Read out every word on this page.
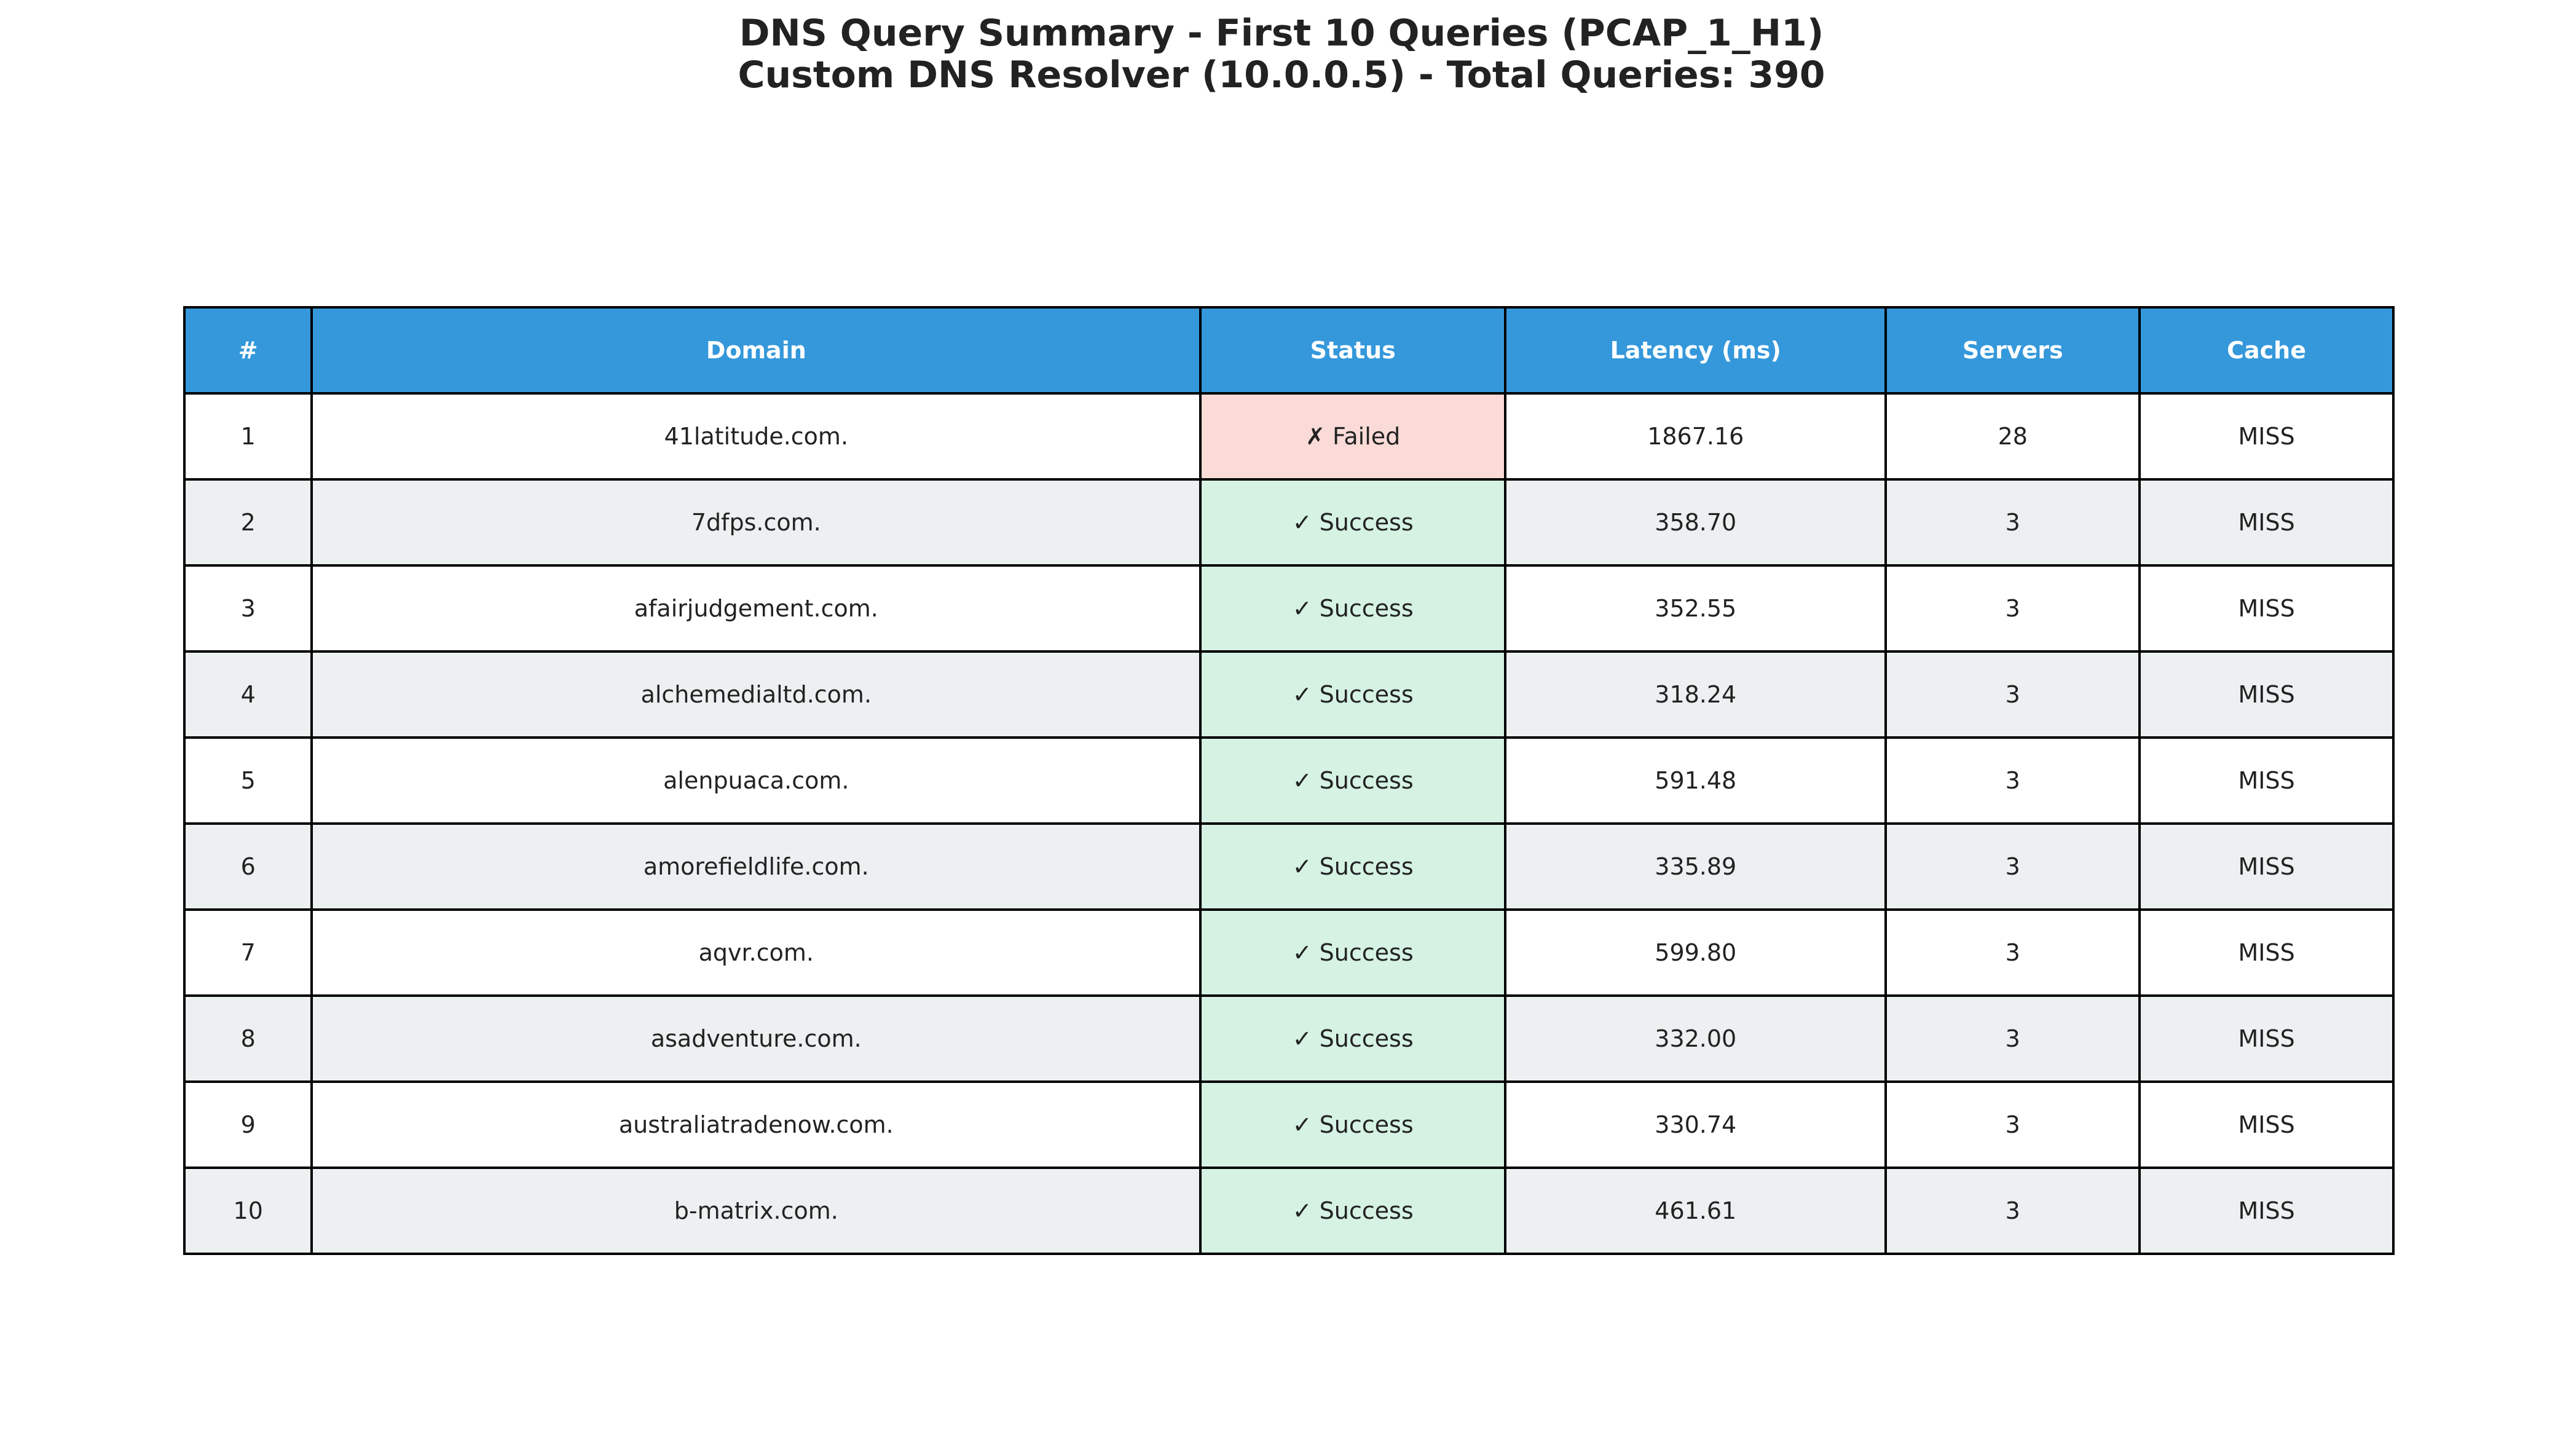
DNS Query Summary - First 10 Queries (PCAP_1_H1)
Custom DNS Resolver (10.0.0.5) - Total Queries: 390
#	Domain	Status	Latency (ms)	Servers	Cache
1	41latitude.com.	✗ Failed	1867.16	28	MISS
2	7dfps.com.	✓ Success	358.70	3	MISS
3	afairjudgement.com.	✓ Success	352.55	3	MISS
4	alchemedialtd.com.	✓ Success	318.24	3	MISS
5	alenpuaca.com.	✓ Success	591.48	3	MISS
6	amorefieldlife.com.	✓ Success	335.89	3	MISS
7	aqvr.com.	✓ Success	599.80	3	MISS
8	asadventure.com.	✓ Success	332.00	3	MISS
9	australiatradenow.com.	✓ Success	330.74	3	MISS
10	b-matrix.com.	✓ Success	461.61	3	MISS
